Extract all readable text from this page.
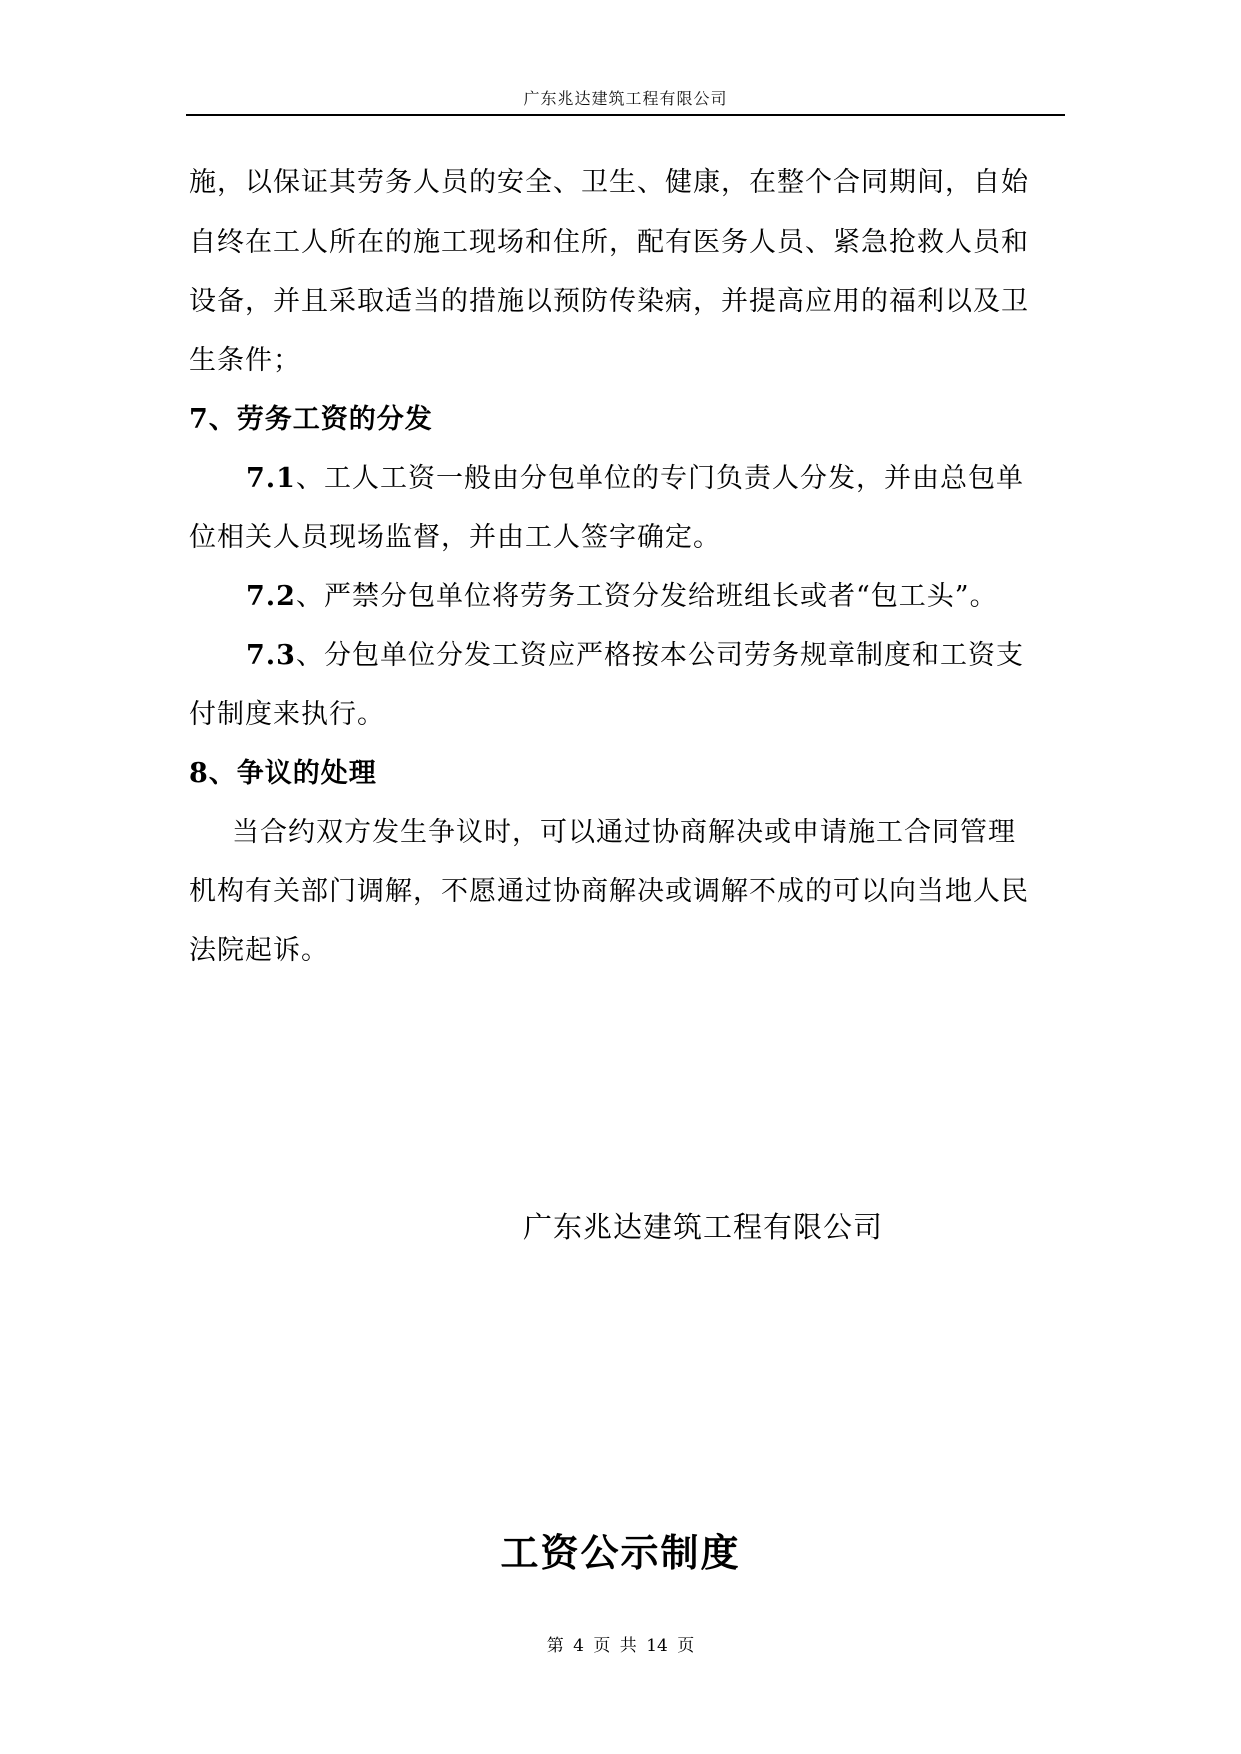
广东兆达建筑工程有限公司
施，以保证其劳务人员的安全、卫生、健康，在整个合同期间，自始
自终在工人所在的施工现场和住所，配有医务人员、紧急抢救人员和
设备，并且采取适当的措施以预防传染病，并提高应用的福利以及卫
生条件；
7、劳务工资的分发
7.1、工人工资一般由分包单位的专门负责人分发，并由总包单
位相关人员现场监督，并由工人签字确定。
7.2、严禁分包单位将劳务工资分发给班组长或者“包工头”。
7.3、分包单位分发工资应严格按本公司劳务规章制度和工资支
付制度来执行。
8、争议的处理
当合约双方发生争议时，可以通过协商解决或申请施工合同管理
机构有关部门调解，不愿通过协商解决或调解不成的可以向当地人民
法院起诉。
广东兆达建筑工程有限公司
工资公示制度
第 4 页 共 14 页
